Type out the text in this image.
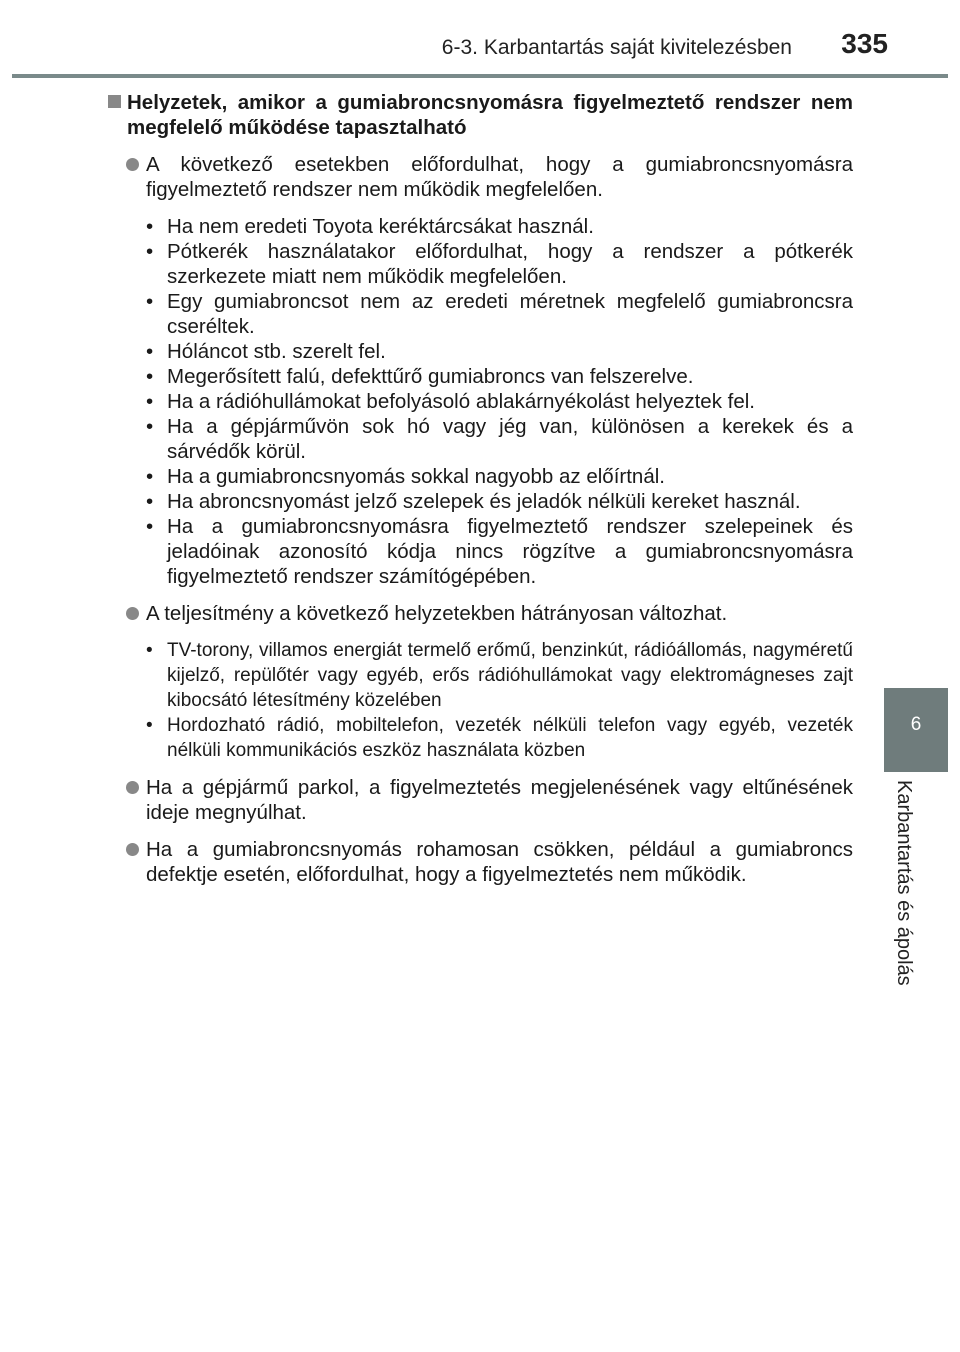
6-3. Karbantartás saját kivitelezésben 335
6
Karbantartás és ápolás
Helyzetek, amikor a gumiabroncsnyomásra figyelmeztető rendszer nem megfelelő működése tapasztalható
A következő esetekben előfordulhat, hogy a gumiabroncsnyomásra figyelmeztető rendszer nem működik megfelelően.
• Ha nem eredeti Toyota keréktárcsákat használ.
• Pótkerék használatakor előfordulhat, hogy a rendszer a pótkerék szerkezete miatt nem működik megfelelően.
• Egy gumiabroncsot nem az eredeti méretnek megfelelő gumiabroncsra cseréltek.
• Hóláncot stb. szerelt fel.
• Megerősített falú, defekttűrő gumiabroncs van felszerelve.
• Ha a rádióhullámokat befolyásoló ablakárnyékolást helyeztek fel.
• Ha a gépjárművön sok hó vagy jég van, különösen a kerekek és a sárvédők körül.
• Ha a gumiabroncsnyomás sokkal nagyobb az előírtnál.
• Ha abroncsnyomást jelző szelepek és jeladók nélküli kereket használ.
• Ha a gumiabroncsnyomásra figyelmeztető rendszer szelepeinek és jeladóinak azonosító kódja nincs rögzítve a gumiabroncsnyomásra figyelmeztető rendszer számítógépében.
A teljesítmény a következő helyzetekben hátrányosan változhat.
• TV-torony, villamos energiát termelő erőmű, benzinkút, rádióállomás, nagyméretű kijelző, repülőtér vagy egyéb, erős rádióhullámokat vagy elektromágneses zajt kibocsátó létesítmény közelében
• Hordozható rádió, mobiltelefon, vezeték nélküli telefon vagy egyéb, vezeték nélküli kommunikációs eszköz használata közben
Ha a gépjármű parkol, a figyelmeztetés megjelenésének vagy eltűnésének ideje megnyúlhat.
Ha a gumiabroncsnyomás rohamosan csökken, például a gumiabroncs defektje esetén, előfordulhat, hogy a figyelmeztetés nem működik.
